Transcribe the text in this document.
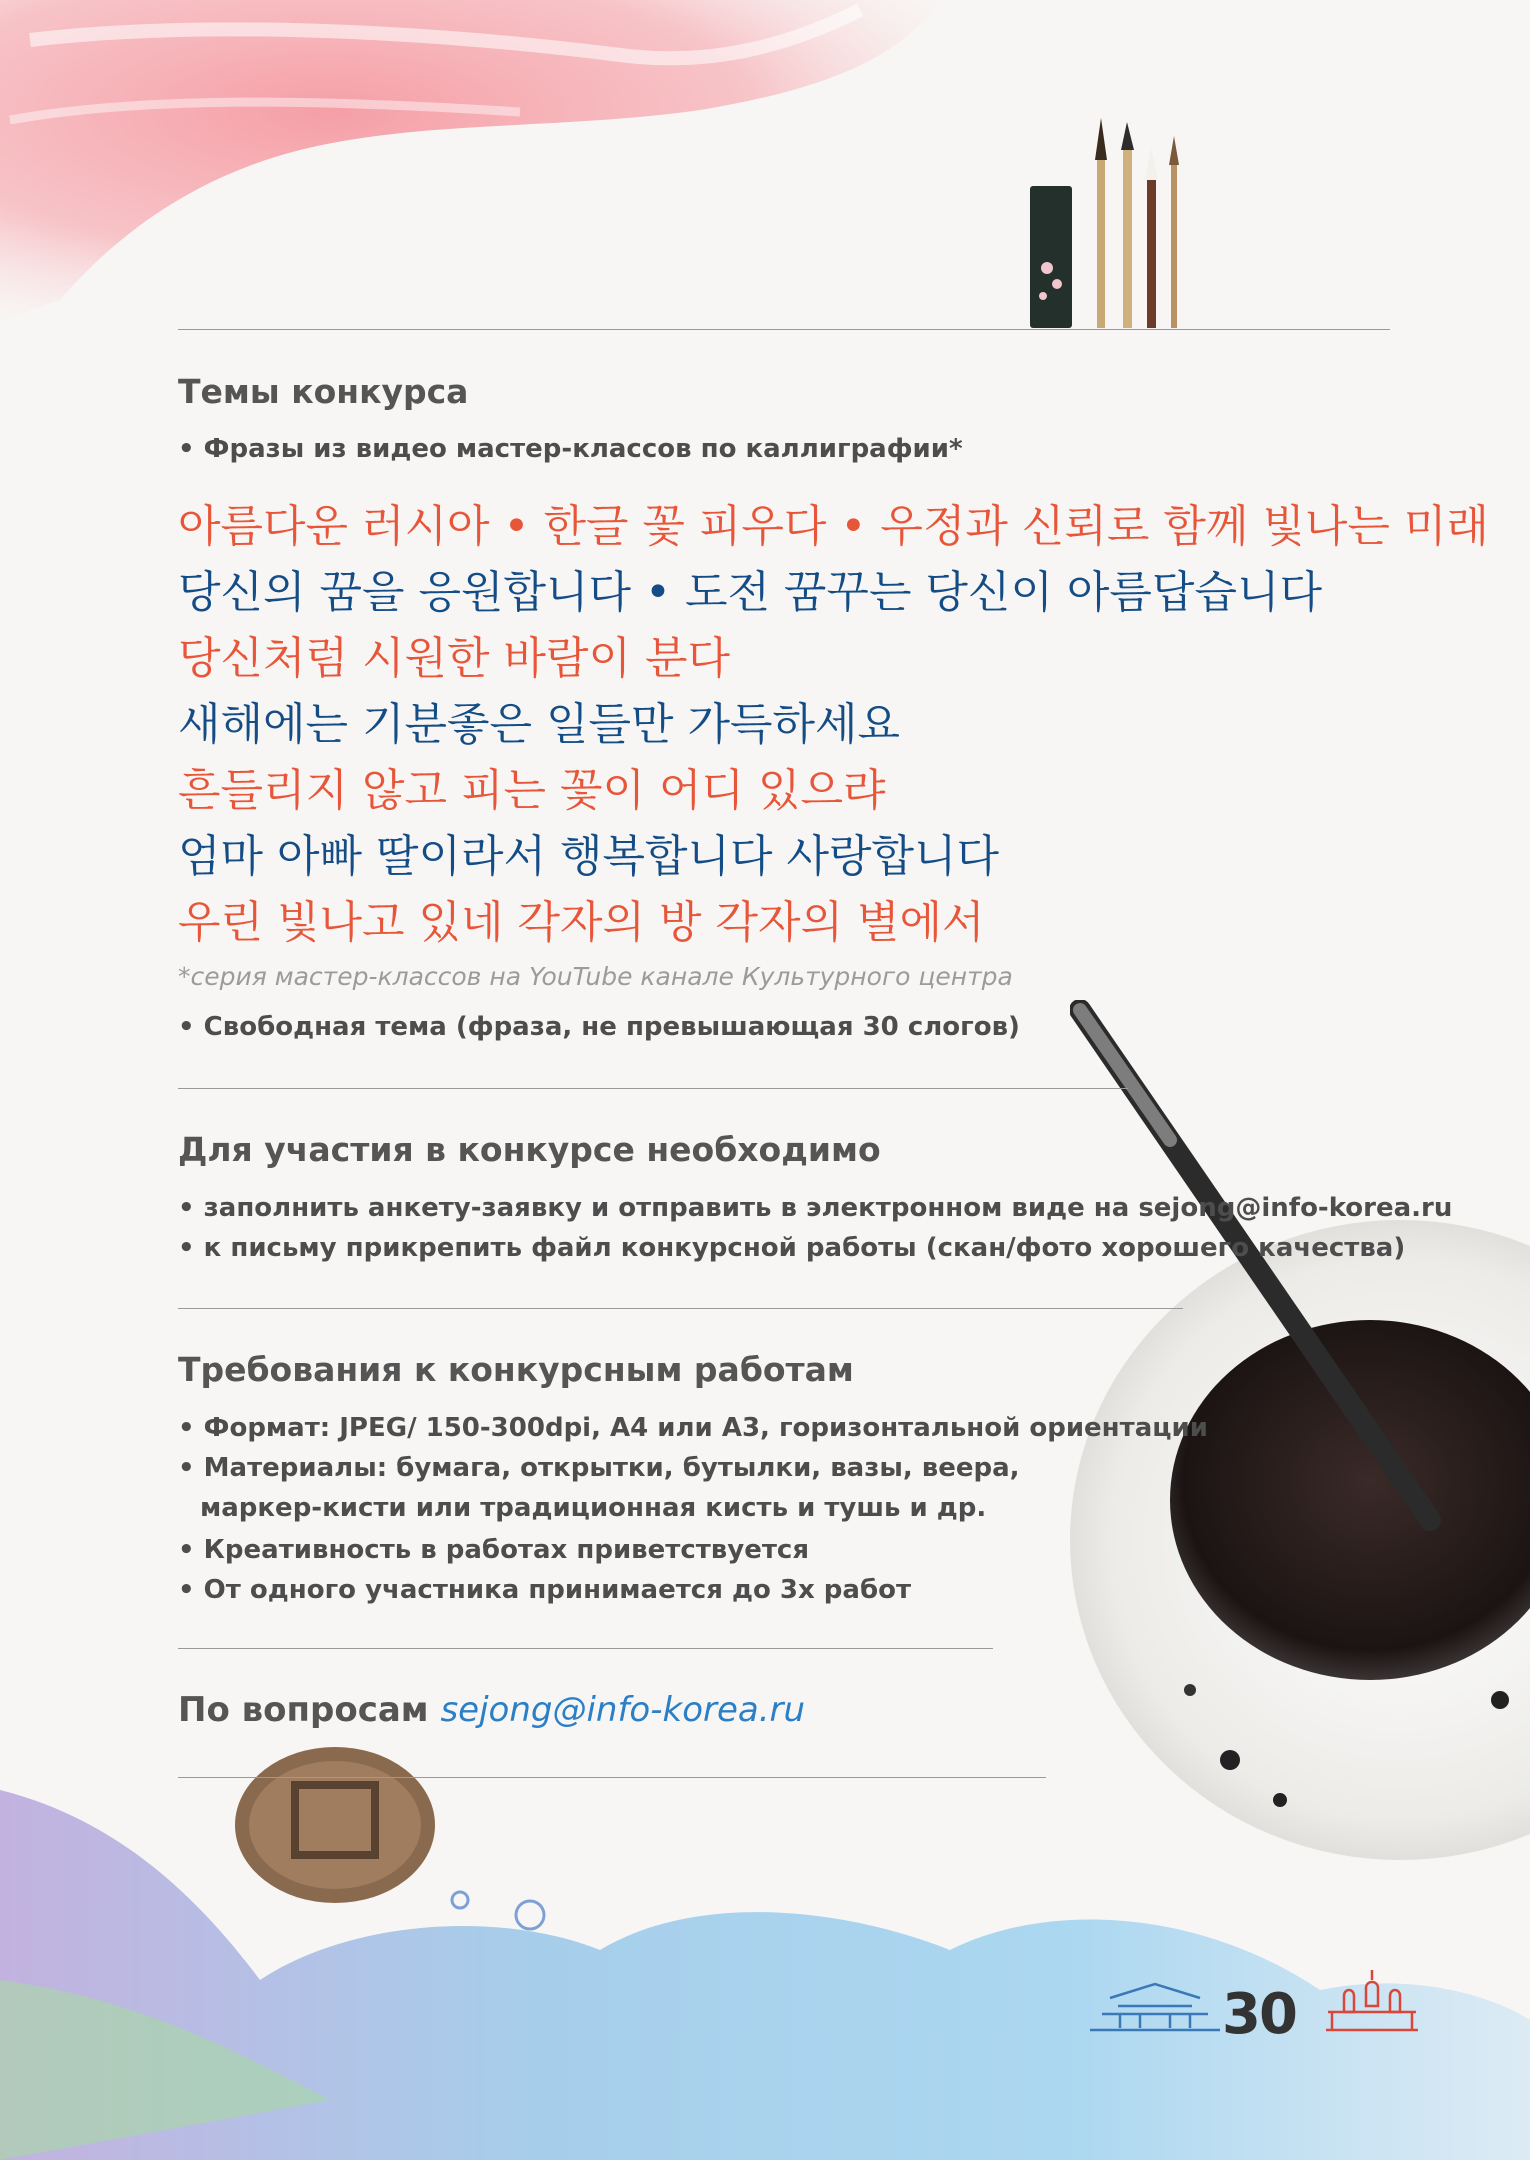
Темы конкурса
• Фразы из видео мастер-классов по каллиграфии*
아름다운 러시아 • 한글 꽃 피우다 • 우정과 신뢰로 함께 빛나는 미래
당신의 꿈을 응원합니다 • 도전 꿈꾸는 당신이 아름답습니다
당신처럼 시원한 바람이 분다
새해에는 기분좋은 일들만 가득하세요
흔들리지 않고 피는 꽃이 어디 있으랴
엄마 아빠 딸이라서 행복합니다 사랑합니다
우린 빛나고 있네 각자의 방 각자의 별에서
*серия мастер-классов на YouTube канале Культурного центра
• Свободная тема (фраза, не превышающая 30 слогов)
Для участия в конкурсе необходимо
• заполнить анкету-заявку и отправить в электронном виде на sejong@info-korea.ru
• к письму прикрепить файл конкурсной работы (скан/фото хорошего качества)
Требования к конкурсным работам
• Формат: JPEG/ 150-300dpi, А4 или А3, горизонтальной ориентации
• Материалы: бумага, открытки, бутылки, вазы, веера,
маркер-кисти или традиционная кисть и тушь и др.
• Креативность в работах приветствуется
• От одного участника принимается до 3х работ
По вопросам sejong@info-korea.ru
30
